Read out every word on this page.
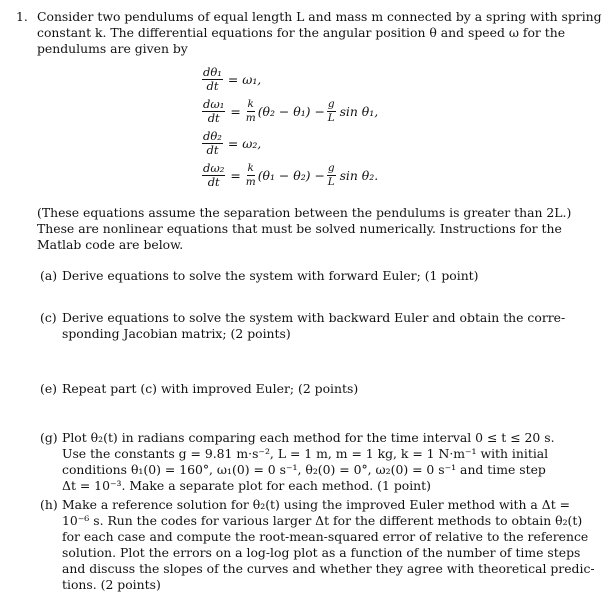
1. Consider two pendulums of equal length L and mass m connected by a spring with spring
constant k. The differential equations for the angular position θ and speed ω for the
pendulums are given by
$\frac{\text{dθ₁}}{dt} = \omega_1$,
$\frac{\text{dω₁}}{dt} = \frac{k}{m} (\theta_2 - \theta_1) - \frac{g}{L}$ sin θ₁,
$\frac{\text{dθ₂}}{dt} = \omega_2$,
$\frac{\text{dω₂}}{dt} = \frac{k}{m} (\theta_1 - \theta_2) - \frac{g}{L}$ sin θ₂.
(These equations assume the separation between the pendulums is greater than 2L.)
These are nonlinear equations that must be solved numerically. Instructions for the
Matlab code are below.
(a) Derive equations to solve the system with forward Euler; (1 point)
(c) Derive equations to solve the system with backward Euler and obtain the corre-
sponding Jacobian matrix; (2 points)
(e) Repeat part (c) with improved Euler; (2 points)
(g) Plot θ₂(t) in radians comparing each method for the time interval 0 ≤ t ≤ 20 s.
Use the constants g = 9.81 m·s⁻², L = 1 m, m = 1 kg, k = 1 N·m⁻¹ with initial
conditions θ₁(0) = 160°, ω₁(0) = 0 s⁻¹, θ₂(0) = 0°, ω₂(0) = 0 s⁻¹ and time step
Δt = 10⁻³. Make a separate plot for each method. (1 point)
(h) Make a reference solution for θ₂(t) using the improved Euler method with a Δt =
10⁻⁶ s. Run the codes for various larger Δt for the different methods to obtain θ₂(t)
for each case and compute the root-mean-squared error of relative to the reference
solution. Plot the errors on a log-log plot as a function of the number of time steps
and discuss the slopes of the curves and whether they agree with theoretical predic-
tions. (2 points)
